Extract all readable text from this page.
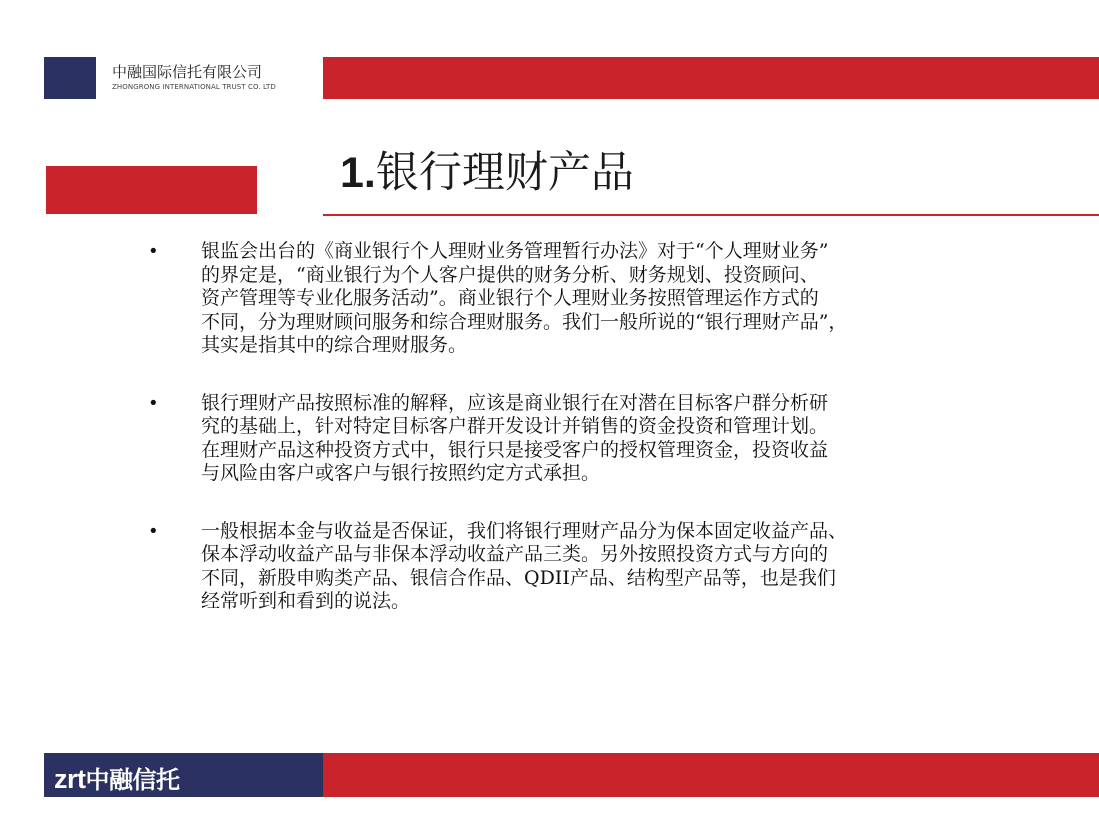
中融国际信托有限公司
ZHONGRONG INTERNATIONAL TRUST CO. LTD
1.银行理财产品
• 银监会出台的《商业银行个人理财业务管理暂行办法》对于“个人理财业务”
的界定是，“商业银行为个人客户提供的财务分析、财务规划、投资顾问、
资产管理等专业化服务活动”。商业银行个人理财业务按照管理运作方式的
不同，分为理财顾问服务和综合理财服务。我们一般所说的“银行理财产品”，
其实是指其中的综合理财服务。
• 银行理财产品按照标准的解释，应该是商业银行在对潜在目标客户群分析研
究的基础上，针对特定目标客户群开发设计并销售的资金投资和管理计划。
在理财产品这种投资方式中，银行只是接受客户的授权管理资金，投资收益
与风险由客户或客户与银行按照约定方式承担。
• 一般根据本金与收益是否保证，我们将银行理财产品分为保本固定收益产品、
保本浮动收益产品与非保本浮动收益产品三类。另外按照投资方式与方向的
不同，新股申购类产品、银信合作品、QDII产品、结构型产品等，也是我们
经常听到和看到的说法。
zrt中融信托
